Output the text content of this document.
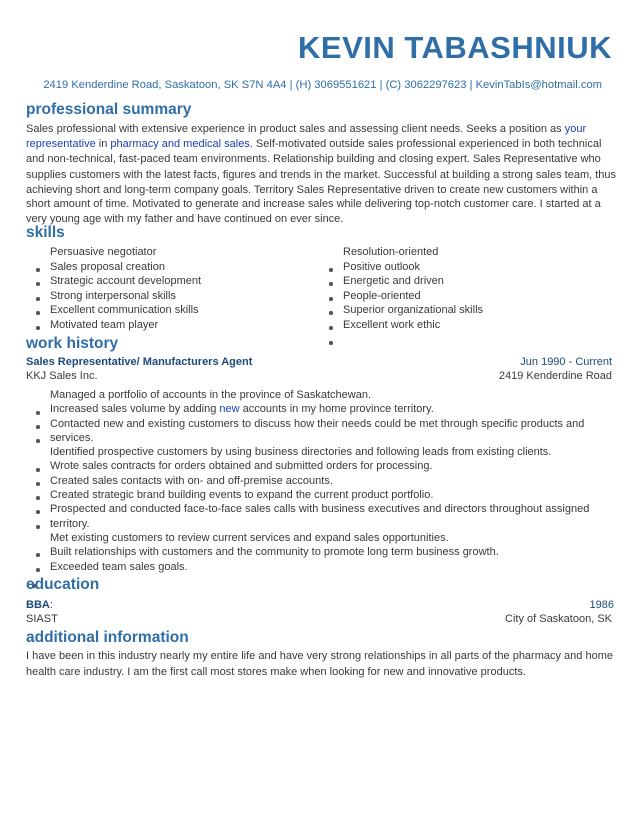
KEVIN TABASHNIUK
2419 Kenderdine Road, Saskatoon, SK S7N 4A4 | (H) 3069551621 | (C) 3062297623 | KevinTabIs@hotmail.com
professional summary
Sales professional with extensive experience in product sales and assessing client needs. Seeks a position as your representative in pharmacy and medical sales. Self-motivated outside sales professional experienced in both technical and non-technical, fast-paced team environments. Relationship building and closing expert. Sales Representative who
supplies customers with the latest facts, figures and trends in the market. Successful at building a strong sales team, thus achieving short and long-term company goals. Territory Sales Representative driven to create new customers within a short amount of time. Motivated to generate and increase sales while delivering top-notch customer care. I started at a very young age with my father and have continued on ever since.
skills
Persuasive negotiator
Sales proposal creation
Strategic account development
Strong interpersonal skills
Excellent communication skills
Motivated team player
Resolution-oriented
Positive outlook
Energetic and driven
People-oriented
Superior organizational skills
Excellent work ethic
work history
Sales Representative/ Manufacturers Agent	Jun 1990 - Current
KKJ Sales Inc.	2419 Kenderdine Road
Managed a portfolio of accounts in the province of Saskatchewan.
Increased sales volume by adding new accounts in my home province territory.
Contacted new and existing customers to discuss how their needs could be met through specific products and
services.
Identified prospective customers by using business directories and following leads from existing clients.
Wrote sales contracts for orders obtained and submitted orders for processing.
Created sales contacts with on- and off-premise accounts.
Created strategic brand building events to expand the current product portfolio.
Prospected and conducted face-to-face sales calls with business executives and directors throughout assigned
territory.
Met existing customers to review current services and expand sales opportunities.
Built relationships with customers and the community to promote long term business growth.
Exceeded team sales goals.
education
BBA:	1986
SIAST	City of Saskatoon, SK
additional information
I have been in this industry nearly my entire life and have very strong relationships in all parts of the pharmacy and home health care industry. I am the first call most stores make when looking for new and innovative products.
